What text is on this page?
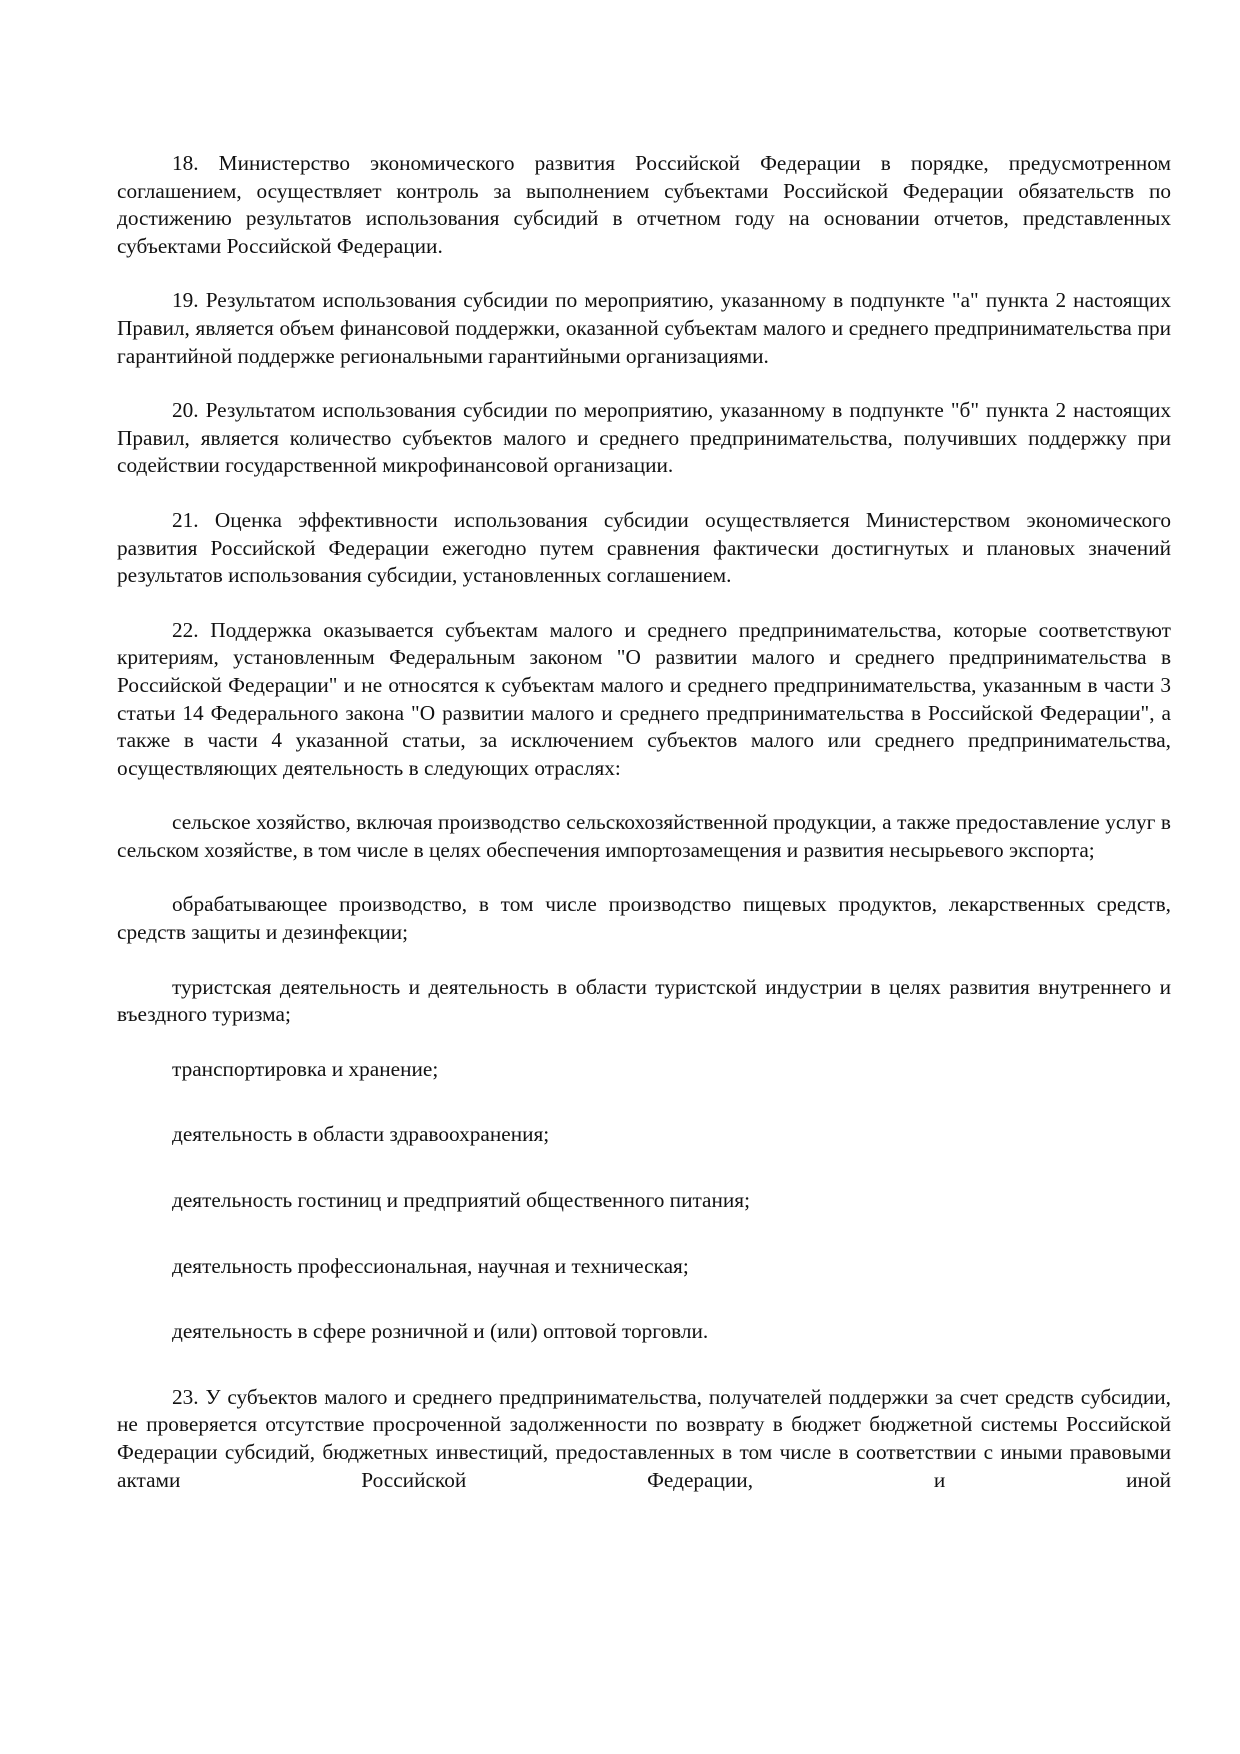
18. Министерство экономического развития Российской Федерации в порядке, предусмотренном соглашением, осуществляет контроль за выполнением субъектами Российской Федерации обязательств по достижению результатов использования субсидий в отчетном году на основании отчетов, представленных субъектами Российской Федерации.

19. Результатом использования субсидии по мероприятию, указанному в подпункте "а" пункта 2 настоящих Правил, является объем финансовой поддержки, оказанной субъектам малого и среднего предпринимательства при гарантийной поддержке региональными гарантийными организациями.

20. Результатом использования субсидии по мероприятию, указанному в подпункте "б" пункта 2 настоящих Правил, является количество субъектов малого и среднего предпринимательства, получивших поддержку при содействии государственной микрофинансовой организации.

21. Оценка эффективности использования субсидии осуществляется Министерством экономического развития Российской Федерации ежегодно путем сравнения фактически достигнутых и плановых значений результатов использования субсидии, установленных соглашением.

22. Поддержка оказывается субъектам малого и среднего предпринимательства, которые соответствуют критериям, установленным Федеральным законом "О развитии малого и среднего предпринимательства в Российской Федерации" и не относятся к субъектам малого и среднего предпринимательства, указанным в части 3 статьи 14 Федерального закона "О развитии малого и среднего предпринимательства в Российской Федерации", а также в части 4 указанной статьи, за исключением субъектов малого или среднего предпринимательства, осуществляющих деятельность в следующих отраслях:

сельское хозяйство, включая производство сельскохозяйственной продукции, а также предоставление услуг в сельском хозяйстве, в том числе в целях обеспечения импортозамещения и развития несырьевого экспорта;

обрабатывающее производство, в том числе производство пищевых продуктов, лекарственных средств, средств защиты и дезинфекции;

туристская деятельность и деятельность в области туристской индустрии в целях развития внутреннего и въездного туризма;

транспортировка и хранение;

деятельность в области здравоохранения;

деятельность гостиниц и предприятий общественного питания;

деятельность профессиональная, научная и техническая;

деятельность в сфере розничной и (или) оптовой торговли.

23. У субъектов малого и среднего предпринимательства, получателей поддержки за счет средств субсидии, не проверяется отсутствие просроченной задолженности по возврату в бюджет бюджетной системы Российской Федерации субсидий, бюджетных инвестиций, предоставленных в том числе в соответствии с иными правовыми актами Российской Федерации, и иной
